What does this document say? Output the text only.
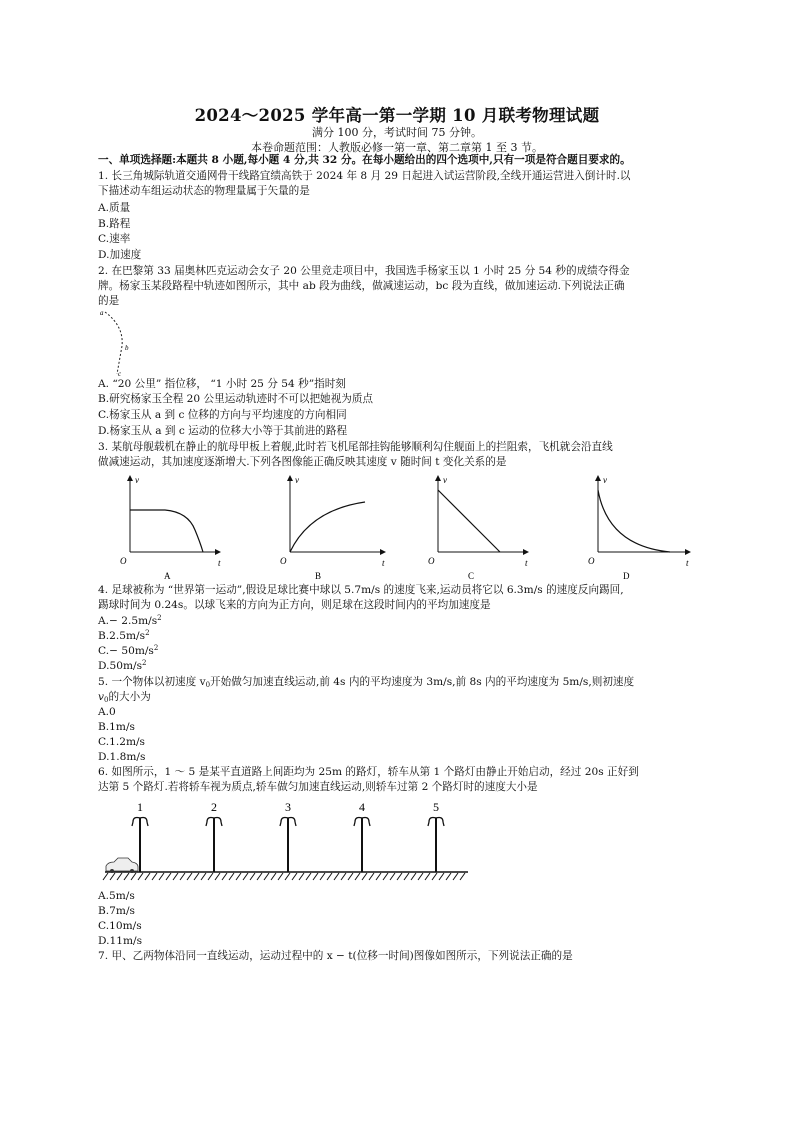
2024～2025 学年高一第一学期 10 月联考物理试题
满分 100 分，考试时间 75 分钟。
本卷命题范围：人教版必修一第一章、第二章第 1 至 3 节。
一、单项选择题:本题共 8 小题,每小题 4 分,共 32 分。在每小题给出的四个选项中,只有一项是符合题目要求的。
1. 长三角城际轨道交通网骨干线路宜绩高铁于 2024 年 8 月 29 日起进入试运营阶段,全线开通运营进入倒计时.以
下描述动车组运动状态的物理量属于矢量的是
A.质量
B.路程
C.速率
D.加速度
2. 在巴黎第 33 届奥林匹克运动会女子 20 公里竞走项目中，我国选手杨家玉以 1 小时 25 分 54 秒的成绩夺得金
牌。杨家玉某段路程中轨迹如图所示，其中 ab 段为曲线，做减速运动，bc 段为直线，做加速运动.下列说法正确
的是
a
b
c
A. “20 公里” 指位移， “1 小时 25 分 54 秒”指时刻
B.研究杨家玉全程 20 公里运动轨迹时不可以把她视为质点
C.杨家玉从 a 到 c 位移的方向与平均速度的方向相同
D.杨家玉从 a 到 c 运动的位移大小等于其前进的路程
3. 某航母舰载机在静止的航母甲板上着舰,此时若飞机尾部挂钩能够顺利勾住舰面上的拦阻索，飞机就会沿直线
做减速运动，其加速度逐渐增大.下列各图像能正确反映其速度 v 随时间 t 变化关系的是
v
t
O
A
v
t
O
B
v
t
O
C
v
t
O
D
4. 足球被称为 “世界第一运动”,假设足球比赛中球以 5.7m/s 的速度飞来,运动员将它以 6.3m/s 的速度反向踢回,
踢球时间为 0.24s。以球飞来的方向为正方向，则足球在这段时间内的平均加速度是
$A.- 2.5m/s^2$
$B.2.5m/s^2$
$C.- 50m/s^2$
$D.50m/s^2$
5. 一个物体以初速度 $v_0$开始做匀加速直线运动,前 4s 内的平均速度为 3m/s,前 8s 内的平均速度为 5m/s,则初速度
$v_0$的大小为
A.0
B.1m/s
C.1.2m/s
D.1.8m/s
6. 如图所示，1 ～ 5 是某平直道路上间距均为 25m 的路灯，轿车从第 1 个路灯由静止开始启动，经过 20s 正好到
达第 5 个路灯.若将轿车视为质点,轿车做匀加速直线运动,则轿车过第 2 个路灯时的速度大小是
1	2	3	4	5
A.5m/s
B.7m/s
C.10m/s
D.11m/s
7. 甲、乙两物体沿同一直线运动，运动过程中的 x − t(位移一时间)图像如图所示，下列说法正确的是
